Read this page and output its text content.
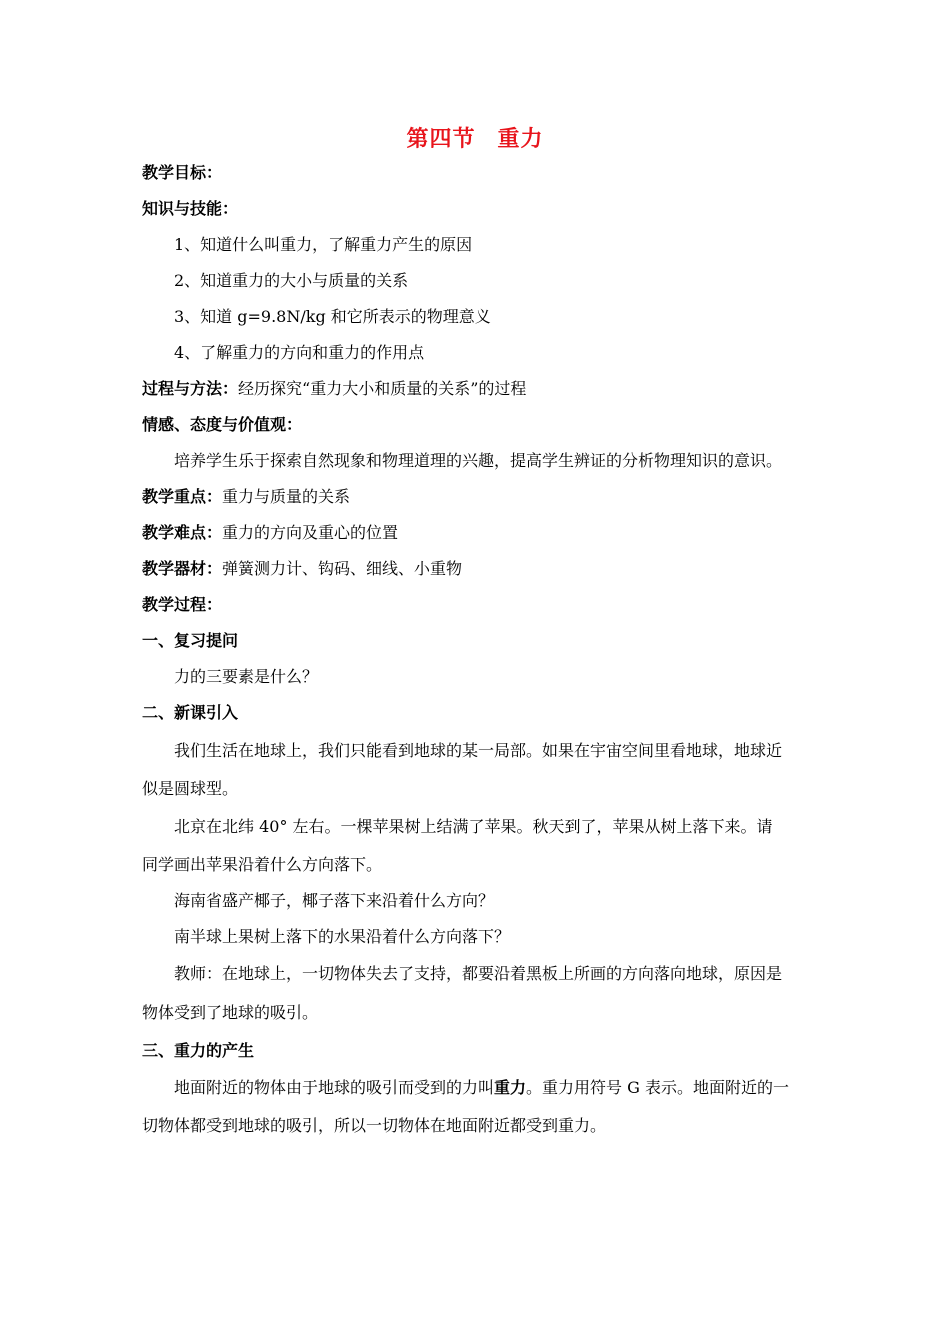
第四节 重力
教学目标：
知识与技能：
1、知道什么叫重力，了解重力产生的原因
2、知道重力的大小与质量的关系
3、知道 g=9.8N/kg 和它所表示的物理意义
4、了解重力的方向和重力的作用点
过程与方法：经历探究“重力大小和质量的关系”的过程
情感、态度与价值观：
培养学生乐于探索自然现象和物理道理的兴趣，提高学生辨证的分析物理知识的意识。
教学重点：重力与质量的关系
教学难点：重力的方向及重心的位置
教学器材：弹簧测力计、钩码、细线、小重物
教学过程：
一、复习提问
力的三要素是什么？
二、新课引入
我们生活在地球上，我们只能看到地球的某一局部。如果在宇宙空间里看地球，地球近
似是圆球型。
北京在北纬 40° 左右。一棵苹果树上结满了苹果。秋天到了，苹果从树上落下来。请
同学画出苹果沿着什么方向落下。
海南省盛产椰子，椰子落下来沿着什么方向？
南半球上果树上落下的水果沿着什么方向落下？
教师：在地球上，一切物体失去了支持，都要沿着黑板上所画的方向落向地球，原因是
物体受到了地球的吸引。
三、重力的产生
地面附近的物体由于地球的吸引而受到的力叫重力。重力用符号 G 表示。地面附近的一
切物体都受到地球的吸引，所以一切物体在地面附近都受到重力。
